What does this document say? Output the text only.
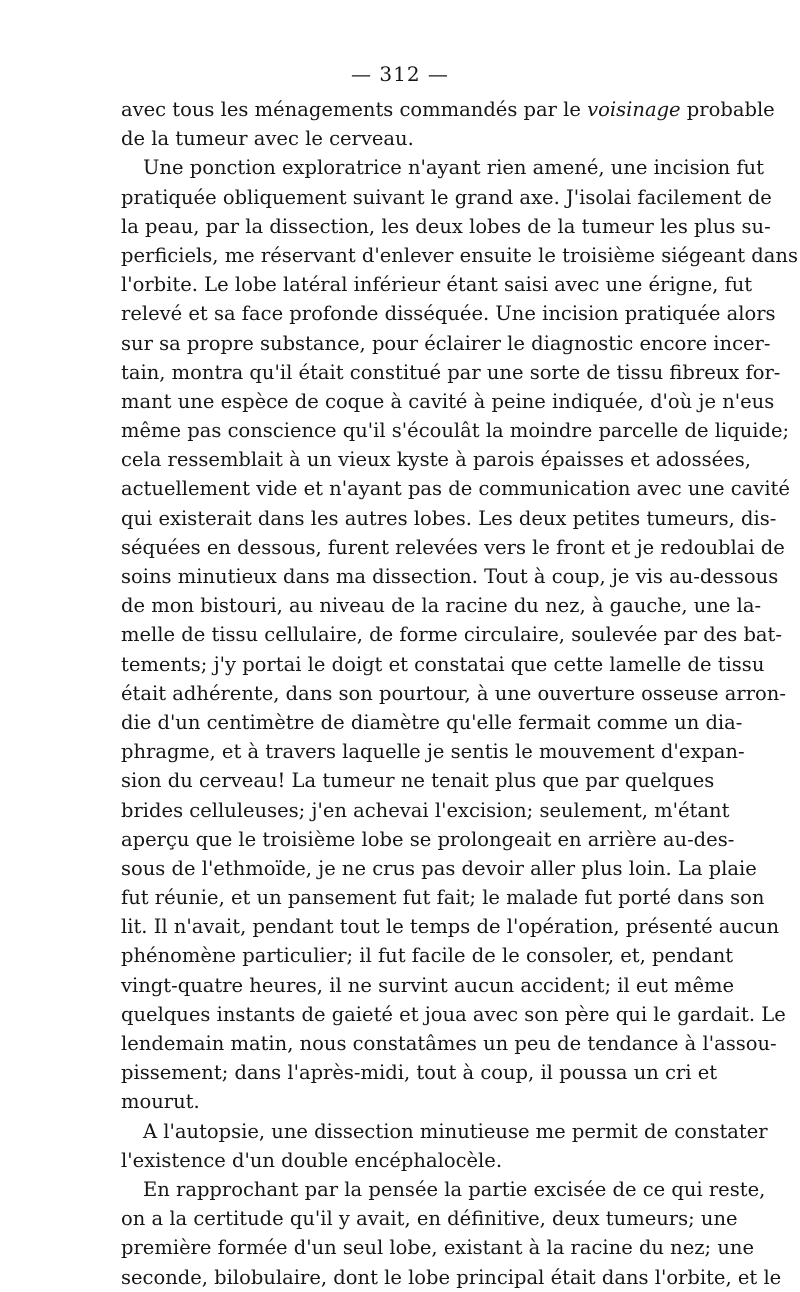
— 312 —
avec tous les ménagements commandés par le voisinage probable
de la tumeur avec le cerveau.
Une ponction exploratrice n'ayant rien amené, une incision fut
pratiquée obliquement suivant le grand axe. J'isolai facilement de
la peau, par la dissection, les deux lobes de la tumeur les plus su-
perficiels, me réservant d'enlever ensuite le troisième siégeant dans
l'orbite. Le lobe latéral inférieur étant saisi avec une érigne, fut
relevé et sa face profonde disséquée. Une incision pratiquée alors
sur sa propre substance, pour éclairer le diagnostic encore incer-
tain, montra qu'il était constitué par une sorte de tissu fibreux for-
mant une espèce de coque à cavité à peine indiquée, d'où je n'eus
même pas conscience qu'il s'écoulât la moindre parcelle de liquide;
cela ressemblait à un vieux kyste à parois épaisses et adossées,
actuellement vide et n'ayant pas de communication avec une cavité
qui existerait dans les autres lobes. Les deux petites tumeurs, dis-
séquées en dessous, furent relevées vers le front et je redoublai de
soins minutieux dans ma dissection. Tout à coup, je vis au-dessous
de mon bistouri, au niveau de la racine du nez, à gauche, une la-
melle de tissu cellulaire, de forme circulaire, soulevée par des bat-
tements; j'y portai le doigt et constatai que cette lamelle de tissu
était adhérente, dans son pourtour, à une ouverture osseuse arron-
die d'un centimètre de diamètre qu'elle fermait comme un dia-
phragme, et à travers laquelle je sentis le mouvement d'expan-
sion du cerveau! La tumeur ne tenait plus que par quelques
brides celluleuses; j'en achevai l'excision; seulement, m'étant
aperçu que le troisième lobe se prolongeait en arrière au-des-
sous de l'ethmoïde, je ne crus pas devoir aller plus loin. La plaie
fut réunie, et un pansement fut fait; le malade fut porté dans son
lit. Il n'avait, pendant tout le temps de l'opération, présenté aucun
phénomène particulier; il fut facile de le consoler, et, pendant
vingt-quatre heures, il ne survint aucun accident; il eut même
quelques instants de gaieté et joua avec son père qui le gardait. Le
lendemain matin, nous constatâmes un peu de tendance à l'assou-
pissement; dans l'après-midi, tout à coup, il poussa un cri et
mourut.
A l'autopsie, une dissection minutieuse me permit de constater
l'existence d'un double encéphalocèle.
En rapprochant par la pensée la partie excisée de ce qui reste,
on a la certitude qu'il y avait, en définitive, deux tumeurs; une
première formée d'un seul lobe, existant à la racine du nez; une
seconde, bilobulaire, dont le lobe principal était dans l'orbite, et le
